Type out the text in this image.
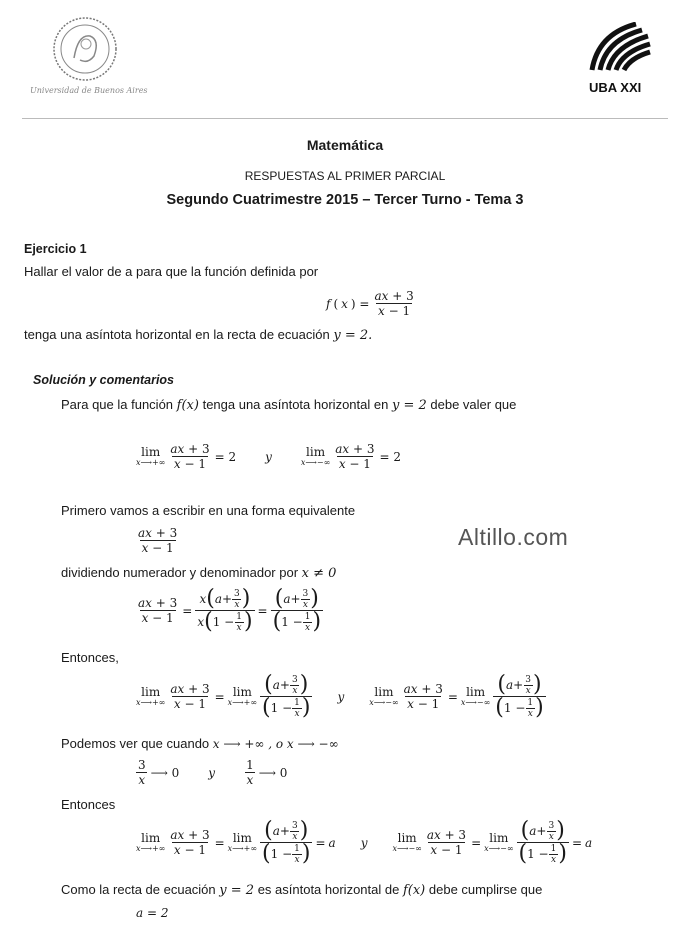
Universidad de Buenos Aires	UBA XXI
Matemática
RESPUESTAS AL PRIMER PARCIAL
Segundo Cuatrimestre 2015 – Tercer Turno - Tema 3
Ejercicio 1
Hallar el valor de a para que la función definida por
f ( x ) = $\frac{ax + 3}{x - 1}$
tenga una asíntota horizontal en la recta de ecuación y = 2.
Solución y comentarios
Para que la función f(x) tenga una asíntota horizontal en y = 2 debe valer que
lim
x⟶+∞ $\frac{ax + 3}{x - 1} = 2$ y	lim
x⟶−∞ $\frac{ax + 3}{x - 1} = 2$
Primero vamos a escribir en una forma equivalente
$\frac{ax + 3}{x - 1}$	Altillo.com
dividiendo numerador y denominador por x ≠ 0
$\frac{ax + 3}{x - 1} = \frac{x ( a + \frac{3}{x} )}{x ( 1 - \frac{1}{x} )} = \frac{( a + \frac{3}{x} )}{( 1 - \frac{1}{x} )}$
Entonces,
lim
x⟶+∞ $\frac{ax + 3}{x - 1} = \lim$
x⟶+∞ $\frac{( a + \frac{3}{x} )}{( 1 - \frac{1}{x} )}$ y	lim
x⟶−∞ $\frac{ax + 3}{x - 1} = \lim$
x⟶−∞ $\frac{( a + \frac{3}{x} )}{( 1 - \frac{1}{x} )}$
Podemos ver que cuando x ⟶ +∞ , o x ⟶ −∞
$\frac{3}{x}$ ⟶ 0 y $\frac{1}{x}$ ⟶ 0
Entonces
lim
x⟶+∞ $\frac{ax + 3}{x - 1} = \lim$
x⟶+∞ $\frac{( a + \frac{3}{x} )}{( 1 - \frac{1}{x} )} = a$ y	lim
x⟶−∞ $\frac{ax + 3}{x - 1} = \lim$
x⟶−∞ $\frac{( a + \frac{3}{x} )}{( 1 - \frac{1}{x} )} = a$
Como la recta de ecuación y = 2 es asíntota horizontal de f(x) debe cumplirse que
a = 2
